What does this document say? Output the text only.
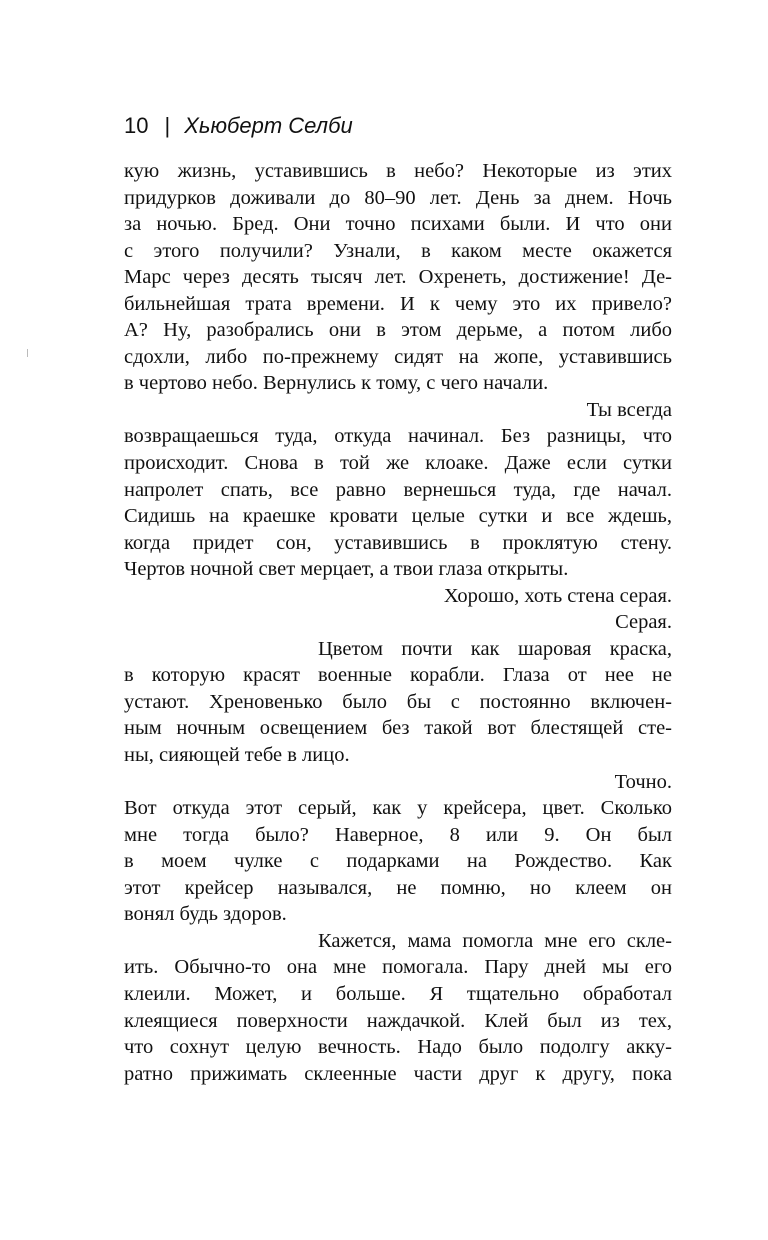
10 | Хьюберт Селби
кую жизнь, уставившись в небо? Некоторые из этих
придурков доживали до 80–90 лет. День за днем. Ночь
за ночью. Бред. Они точно психами были. И что они
с этого получили? Узнали, в каком месте окажется
Марс через десять тысяч лет. Охренеть, достижение! Де-
бильнейшая трата времени. И к чему это их привело?
А? Ну, разобрались они в этом дерьме, а потом либо
сдохли, либо по-прежнему сидят на жопе, уставившись
в чертово небо. Вернулись к тому, с чего начали.
Ты всегда
возвращаешься туда, откуда начинал. Без разницы, что
происходит. Снова в той же клоаке. Даже если сутки
напролет спать, все равно вернешься туда, где начал.
Сидишь на краешке кровати целые сутки и все ждешь,
когда придет сон, уставившись в проклятую стену.
Чертов ночной свет мерцает, а твои глаза открыты.
Хорошо, хоть стена серая.
Серая.
Цветом почти как шаровая краска,
в которую красят военные корабли. Глаза от нее не
устают. Хреновенько было бы с постоянно включен-
ным ночным освещением без такой вот блестящей сте-
ны, сияющей тебе в лицо.
Точно.
Вот откуда этот серый, как у крейсера, цвет. Сколько
мне тогда было? Наверное, 8 или 9. Он был
в моем чулке с подарками на Рождество. Как
этот крейсер назывался, не помню, но клеем он
вонял будь здоров.
Кажется, мама помогла мне его скле-
ить. Обычно-то она мне помогала. Пару дней мы его
клеили. Может, и больше. Я тщательно обработал
клеящиеся поверхности наждачкой. Клей был из тех,
что сохнут целую вечность. Надо было подолгу акку-
ратно прижимать склеенные части друг к другу, пока
